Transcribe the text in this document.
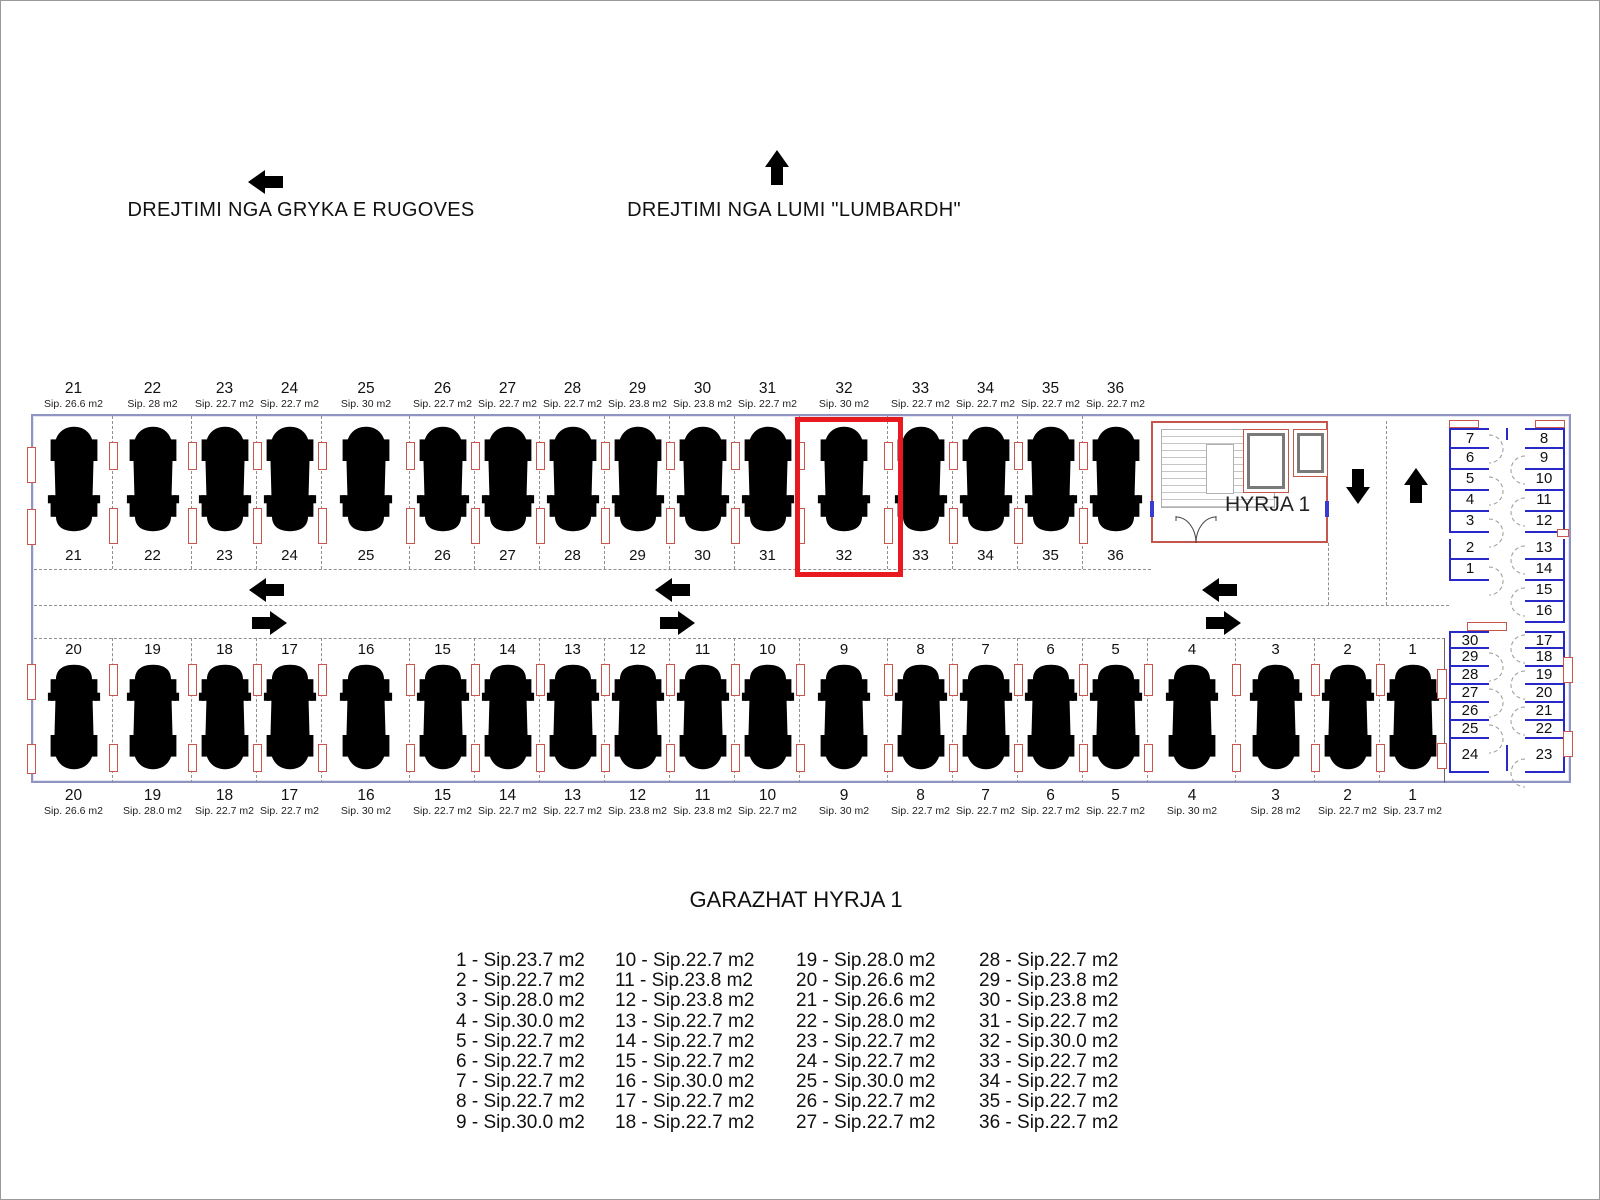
DREJTIMI NGA GRYKA E RUGOVES	DREJTIMI NGA LUMI "LUMBARDH"
HYRJA 1
GARAZHAT HYRJA 1
1 - Sip.23.7 m2
2 - Sip.22.7 m2
3 - Sip.28.0 m2
4 - Sip.30.0 m2
5 - Sip.22.7 m2
6 - Sip.22.7 m2
7 - Sip.22.7 m2
8 - Sip.22.7 m2
9 - Sip.30.0 m2
10 - Sip.22.7 m2
11 - Sip.23.8 m2
12 - Sip.23.8 m2
13 - Sip.22.7 m2
14 - Sip.22.7 m2
15 - Sip.22.7 m2
16 - Sip.30.0 m2
17 - Sip.22.7 m2
18 - Sip.22.7 m2
19 - Sip.28.0 m2
20 - Sip.26.6 m2
21 - Sip.26.6 m2
22 - Sip.28.0 m2
23 - Sip.22.7 m2
24 - Sip.22.7 m2
25 - Sip.30.0 m2
26 - Sip.22.7 m2
27 - Sip.22.7 m2
28 - Sip.22.7 m2
29 - Sip.23.8 m2
30 - Sip.23.8 m2
31 - Sip.22.7 m2
32 - Sip.30.0 m2
33 - Sip.22.7 m2
34 - Sip.22.7 m2
35 - Sip.22.7 m2
36 - Sip.22.7 m2
21
Sip. 26.6 m2
21
22
Sip. 28 m2
22
23
Sip. 22.7 m2
23
24
Sip. 22.7 m2
24
25
Sip. 30 m2
25
26
Sip. 22.7 m2
26
27
Sip. 22.7 m2
27
28
Sip. 22.7 m2
28
29
Sip. 23.8 m2
29
30
Sip. 23.8 m2
30
31
Sip. 22.7 m2
31
32
Sip. 30 m2
32
33
Sip. 22.7 m2
33
34
Sip. 22.7 m2
34
35
Sip. 22.7 m2
35
36
Sip. 22.7 m2
36
20
Sip. 26.6 m2
20
19
Sip. 28.0 m2
19
18
Sip. 22.7 m2
18
17
Sip. 22.7 m2
17
16
Sip. 30 m2
16
15
Sip. 22.7 m2
15
14
Sip. 22.7 m2
14
13
Sip. 22.7 m2
13
12
Sip. 23.8 m2
12
11
Sip. 23.8 m2
11
10
Sip. 22.7 m2
10
9
Sip. 30 m2
9
8
Sip. 22.7 m2
8
7
Sip. 22.7 m2
7
6
Sip. 22.7 m2
6
5
Sip. 22.7 m2
5
4
Sip. 30 m2
4
3
Sip. 28 m2
3
2
Sip. 22.7 m2
2
1
Sip. 23.7 m2
1
7
6
5
4
3
2
1
8
9
10
11
12
13
14
15
16
30
29
28
27
26
25
24
17
18
19
20
21
22
23
